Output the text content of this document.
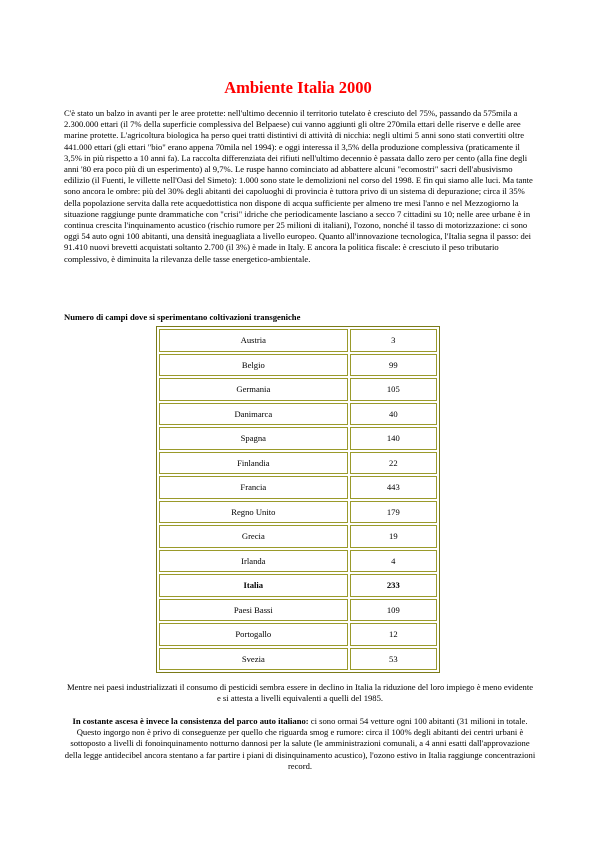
Ambiente Italia 2000

C'è stato un balzo in avanti per le aree protette: nell'ultimo decennio il territorio tutelato è cresciuto del 75%, passando da 575mila a 2.300.000 ettari (il 7% della superficie complessiva del Belpaese) cui vanno aggiunti gli oltre 270mila ettari delle riserve e delle aree marine protette. L'agricoltura biologica ha perso quei tratti distintivi di attività di nicchia: negli ultimi 5 anni sono stati convertiti oltre 441.000 ettari (gli ettari "bio" erano appena 70mila nel 1994): e oggi interessa il 3,5% della produzione complessiva (praticamente il 3,5% in più rispetto a 10 anni fa). La raccolta differenziata dei rifiuti nell'ultimo decennio è passata dallo zero per cento (alla fine degli anni '80 era poco più di un esperimento) al 9,7%. Le ruspe hanno cominciato ad abbattere alcuni "ecomostri" sacri dell'abusivismo edilizio (il Fuenti, le villette nell'Oasi del Simeto): 1.000 sono state le demolizioni nel corso del 1998. E fin qui siamo alle luci. Ma tante sono ancora le ombre: più del 30% degli abitanti dei capoluoghi di provincia è tuttora privo di un sistema di depurazione; circa il 35% della popolazione servita dalla rete acquedottistica non dispone di acqua sufficiente per almeno tre mesi l'anno e nel Mezzogiorno la situazione raggiunge punte drammatiche con "crisi" idriche che periodicamente lasciano a secco 7 cittadini su 10; nelle aree urbane è in continua crescita l'inquinamento acustico (rischio rumore per 25 milioni di italiani), l'ozono, nonché il tasso di motorizzazione: ci sono oggi 54 auto ogni 100 abitanti, una densità ineguagliata a livello europeo. Quanto all'innovazione tecnologica, l'Italia segna il passo: dei 91.410 nuovi brevetti acquistati soltanto 2.700 (il 3%) è made in Italy. E ancora la politica fiscale: è cresciuto il peso tributario complessivo, è diminuita la rilevanza delle tasse energetico-ambientale.

Numero di campi dove si sperimentano coltivazioni transgeniche

Austria	3
Belgio	99
Germania	105
Danimarca	40
Spagna	140
Finlandia	22
Francia	443
Regno Unito	179
Grecia	19
Irlanda	4
Italia	233
Paesi Bassi	109
Portogallo	12
Svezia	53

Mentre nei paesi industrializzati il consumo di pesticidi sembra essere in declino in Italia la riduzione del loro impiego è meno evidente e si attesta a livelli equivalenti a quelli del 1985.

In costante ascesa è invece la consistenza del parco auto italiano: ci sono ormai 54 vetture ogni 100 abitanti (31 milioni in totale. Questo ingorgo non è privo di conseguenze per quello che riguarda smog e rumore: circa il 100% degli abitanti dei centri urbani è sottoposto a livelli di fonoinquinamento notturno dannosi per la salute (le amministrazioni comunali, a 4 anni esatti dall'approvazione della legge antidecibel ancora stentano a far partire i piani di disinquinamento acustico), l'ozono estivo in Italia raggiunge concentrazioni record.
